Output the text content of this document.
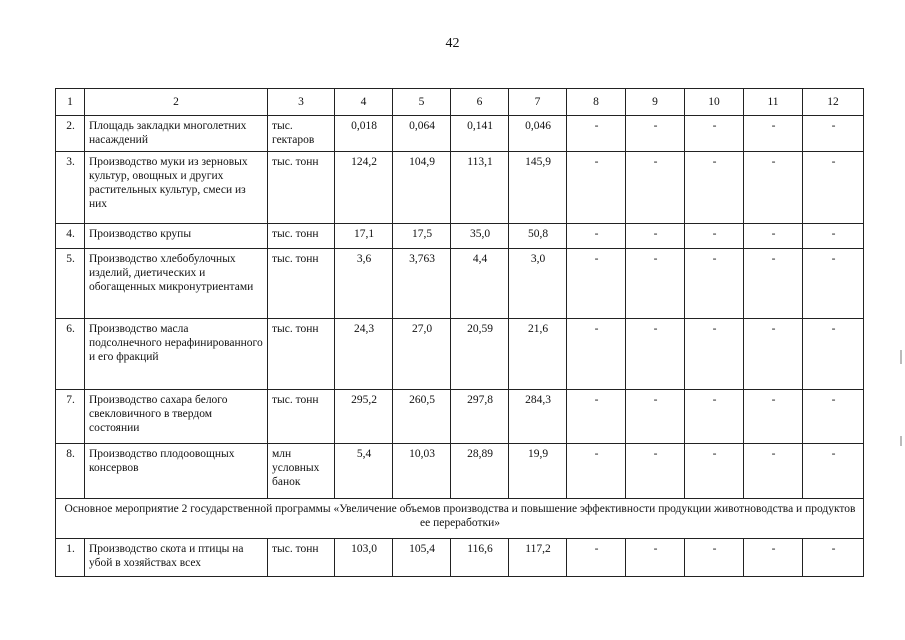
42
1	2	3	4	5	6	7	8	9	10	11	12
2.	Площадь закладки многолетних насаждений	тыс. гектаров	0,018	0,064	0,141	0,046	-	-	-	-	-
3.	Производство муки из зерновых культур, овощных и других растительных культур, смеси из них	тыс. тонн	124,2	104,9	113,1	145,9	-	-	-	-	-
4.	Производство крупы	тыс. тонн	17,1	17,5	35,0	50,8	-	-	-	-	-
5.	Производство хлебобулочных изделий, диетических и обогащенных микронутриентами	тыс. тонн	3,6	3,763	4,4	3,0	-	-	-	-	-
6.	Производство масла подсолнечного нерафинированного и его фракций	тыс. тонн	24,3	27,0	20,59	21,6	-	-	-	-	-
7.	Производство сахара белого свекловичного в твердом состоянии	тыс. тонн	295,2	260,5	297,8	284,3	-	-	-	-	-
8.	Производство плодоовощных консервов	млн условных банок	5,4	10,03	28,89	19,9	-	-	-	-	-
Основное мероприятие 2 государственной программы «Увеличение объемов производства и повышение эффективности продукции животноводства и продуктов ее переработки»											
1.	Производство скота и птицы на убой в хозяйствах всех	тыс. тонн	103,0	105,4	116,6	117,2	-	-	-	-	-
